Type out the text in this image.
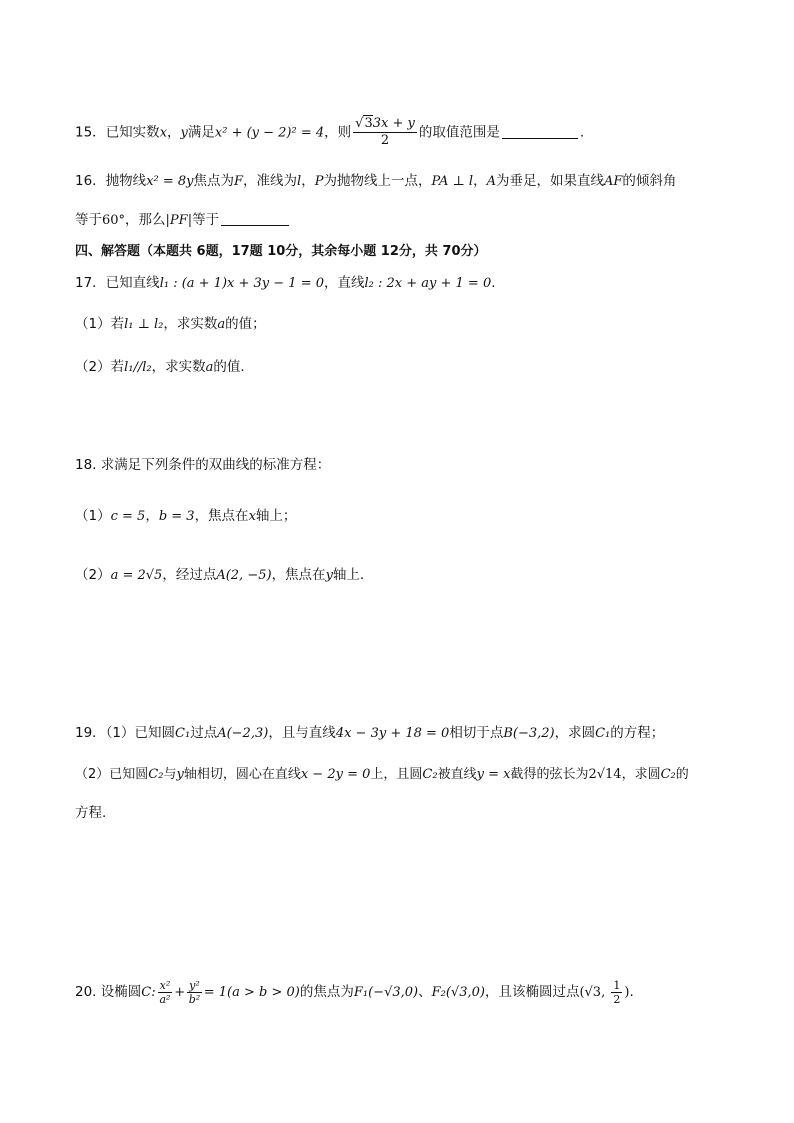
15．已知实数x，y满足x² + (y − 2)² = 4，则 $\frac{√33x + y}{2}$ 的取值范围是	.
16．抛物线x² = 8y焦点为F，准线为l，P为抛物线上一点，PA ⊥ l，A为垂足，如果直线AF的倾斜角
等于60°，那么|PF|等于
四、解答题（本题共 6题，17题 10分，其余每小题 12分，共 70分）
17．已知直线l₁ : (a + 1)x + 3y − 1 = 0，直线l₂ : 2x + ay + 1 = 0.
（1）若l₁ ⊥ l₂，求实数a的值；
（2）若l₁//l₂，求实数a的值.
18. 求满足下列条件的双曲线的标准方程：
（1）c = 5，b = 3，焦点在x轴上；
（2）a = 2√5，经过点A(2, −5)，焦点在y轴上.
19．（1）已知圆C₁过点A(−2,3)，且与直线4x − 3y + 18 = 0相切于点B(−3,2)，求圆C₁的方程；
（2）已知圆C₂与y轴相切，圆心在直线x − 2y = 0上，且圆C₂被直线y = x截得的弦长为2√14，求圆C₂的
方程.
20. 设椭圆C: $\frac{\text{x²}}{\text{a²}} + \frac{\text{y²}}{\text{b²}} = 1(a > b > 0)$的焦点为F₁(−√3,0)、F₂(√3,0)，且该椭圆过点(√3, $\frac{1}{2}$ ).
